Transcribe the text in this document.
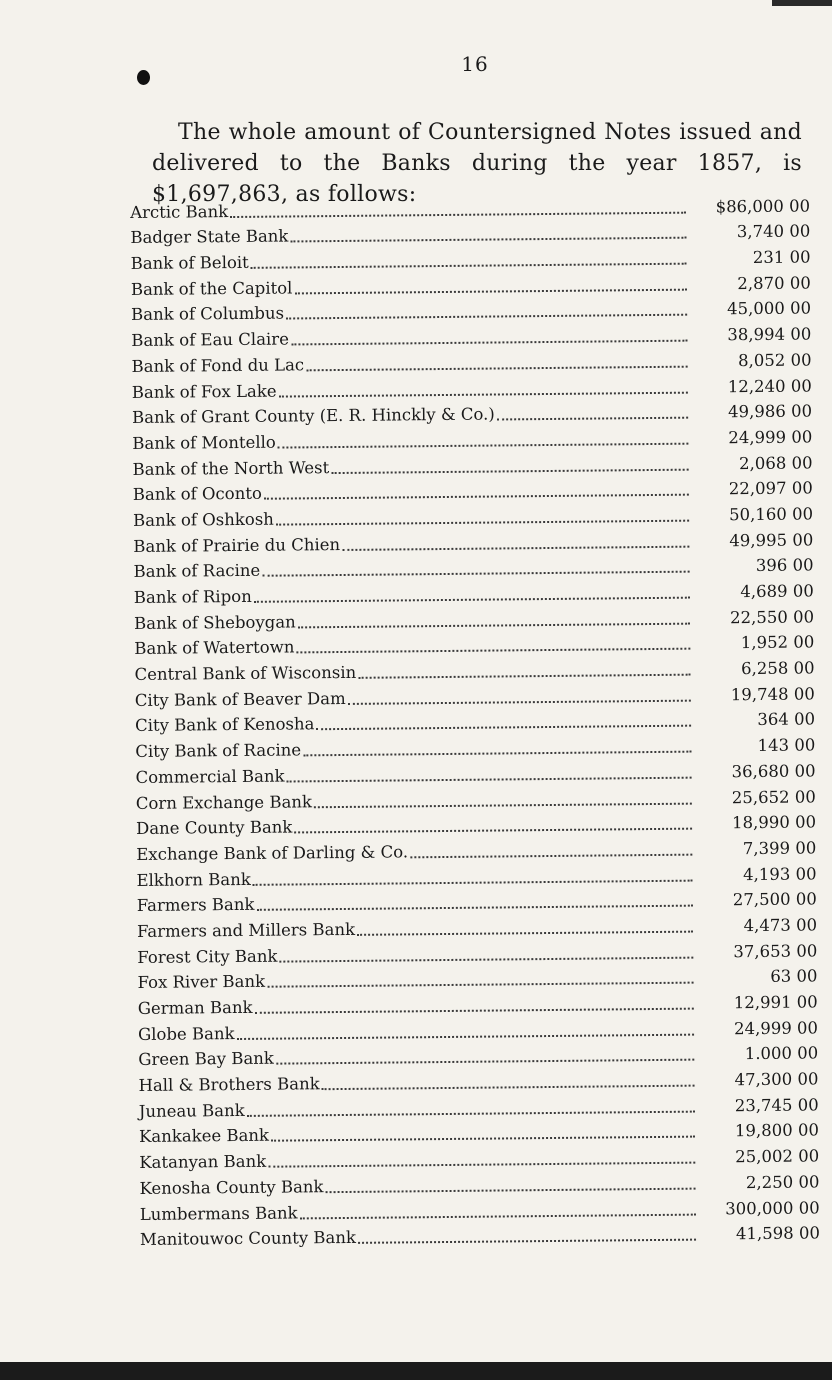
16

The whole amount of Countersigned Notes issued and delivered to the Banks during the year 1857, is $1,697,863, as follows:

Arctic Bank	$86,000 00
Badger State Bank	3,740 00
Bank of Beloit	231 00
Bank of the Capitol	2,870 00
Bank of Columbus	45,000 00
Bank of Eau Claire	38,994 00
Bank of Fond du Lac	8,052 00
Bank of Fox Lake	12,240 00
Bank of Grant County (E. R. Hinckly & Co.)	49,986 00
Bank of Montello	24,999 00
Bank of the North West	2,068 00
Bank of Oconto	22,097 00
Bank of Oshkosh	50,160 00
Bank of Prairie du Chien	49,995 00
Bank of Racine	396 00
Bank of Ripon	4,689 00
Bank of Sheboygan	22,550 00
Bank of Watertown	1,952 00
Central Bank of Wisconsin	6,258 00
City Bank of Beaver Dam	19,748 00
City Bank of Kenosha	364 00
City Bank of Racine	143 00
Commercial Bank	36,680 00
Corn Exchange Bank	25,652 00
Dane County Bank	18,990 00
Exchange Bank of Darling & Co.	7,399 00
Elkhorn Bank	4,193 00
Farmers Bank	27,500 00
Farmers and Millers Bank	4,473 00
Forest City Bank	37,653 00
Fox River Bank	63 00
German Bank	12,991 00
Globe Bank	24,999 00
Green Bay Bank	1.000 00
Hall & Brothers Bank	47,300 00
Juneau Bank	23,745 00
Kankakee Bank	19,800 00
Katanyan Bank	25,002 00
Kenosha County Bank	2,250 00
Lumbermans Bank	300,000 00
Manitouwoc County Bank	41,598 00
